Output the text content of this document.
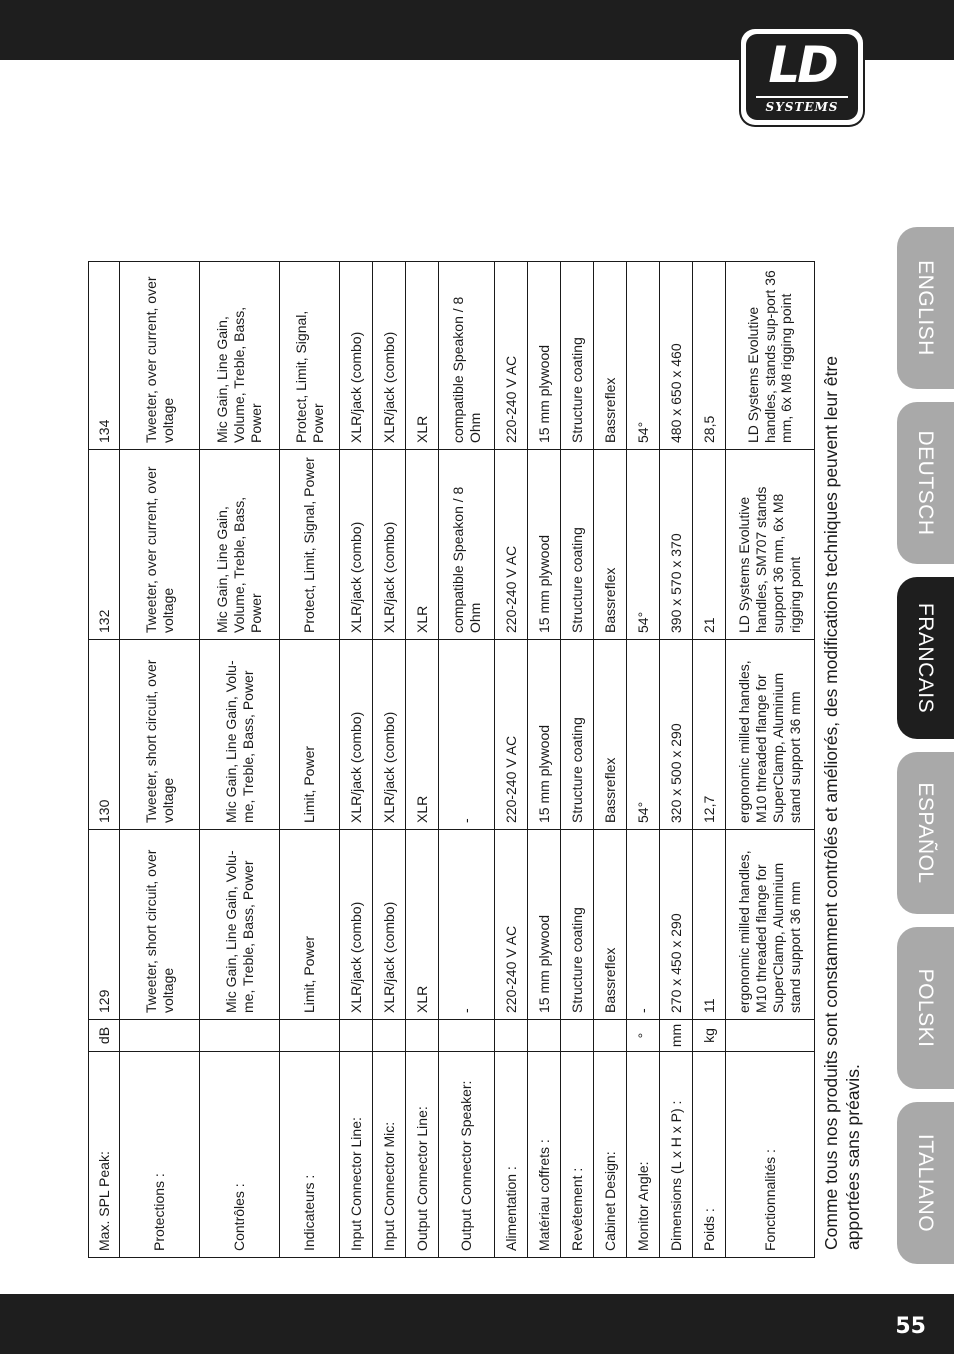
55
LD
SYSTEMS
ENGLISH
DEUTSCH
FRANCAIS
ESPAÑOL
POLSKI
ITALIANO
Max. SPL Peak:	dB	129	130	132	134
Protections :		Tweeter, short circuit, over voltage	Tweeter, short circuit, over voltage	Tweeter, over current, over voltage	Tweeter, over current, over voltage
Contrôles :		Mic Gain, Line Gain, Volu-me, Treble, Bass, Power	Mic Gain, Line Gain, Volu-me, Treble, Bass, Power	Mic Gain, Line Gain, Volume, Treble, Bass, Power	Mic Gain, Line Gain, Volume, Treble, Bass, Power
Indicateurs :		Limit, Power	Limit, Power	Protect, Limit, Signal, Power	Protect, Limit, Signal, Power
Input Connector Line:		XLR/jack (combo)	XLR/jack (combo)	XLR/jack (combo)	XLR/jack (combo)
Input Connector Mic:		XLR/jack (combo)	XLR/jack (combo)	XLR/jack (combo)	XLR/jack (combo)
Output Connector Line:		XLR	XLR	XLR	XLR
Output Connector Speaker:		-	-	compatible Speakon / 8 Ohm	compatible Speakon / 8 Ohm
Alimentation :		220-240 V AC	220-240 V AC	220-240 V AC	220-240 V AC
Matériau coffrets :		15 mm plywood	15 mm plywood	15 mm plywood	15 mm plywood
Revêtement :		Structure coating	Structure coating	Structure coating	Structure coating
Cabinet Design:		Bassreflex	Bassreflex	Bassreflex	Bassreflex
Monitor Angle:	°	-	54°	54°	54°
Dimensions (L x H x P) :	mm	270 x 450 x 290	320 x 500 x 290	390 x 570 x 370	480 x 650 x 460
Poids :	kg	11	12,7	21	28,5
Fonctionnalités :		ergonomic milled handles, M10 threaded flange for SuperClamp, Aluminium stand support 36 mm	ergonomic milled handles, M10 threaded flange for SuperClamp, Aluminium stand support 36 mm	LD Systems Evolutive handles, SM707 stands support 36 mm, 6x M8 rigging point	LD Systems Evolutive handles, stands sup-port 36 mm, 6x M8 rigging point Comme tous nos produits sont constamment contrôlés et améliorés, des modifications techniques peuvent leur être apportées sans préavis.
